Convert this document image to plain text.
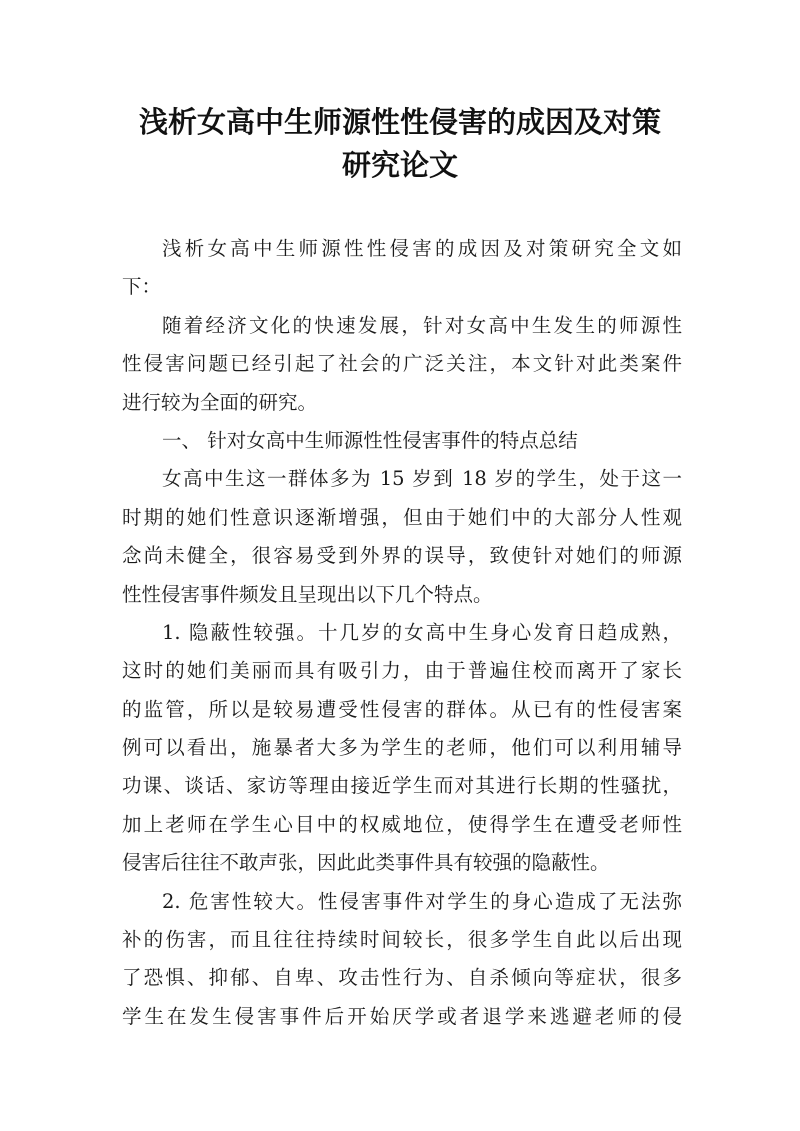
浅析女高中生师源性性侵害的成因及对策
研究论文
浅析女高中生师源性性侵害的成因及对策研究全文如
下：
随着经济文化的快速发展，针对女高中生发生的师源性
性侵害问题已经引起了社会的广泛关注，本文针对此类案件
进行较为全面的研究。
一、 针对女高中生师源性性侵害事件的特点总结
女高中生这一群体多为 15 岁到 18 岁的学生，处于这一
时期的她们性意识逐渐增强，但由于她们中的大部分人性观
念尚未健全，很容易受到外界的误导，致使针对她们的师源
性性侵害事件频发且呈现出以下几个特点。
1. 隐蔽性较强。十几岁的女高中生身心发育日趋成熟，
这时的她们美丽而具有吸引力，由于普遍住校而离开了家长
的监管，所以是较易遭受性侵害的群体。从已有的性侵害案
例可以看出，施暴者大多为学生的老师，他们可以利用辅导
功课、谈话、家访等理由接近学生而对其进行长期的性骚扰，
加上老师在学生心目中的权威地位，使得学生在遭受老师性
侵害后往往不敢声张，因此此类事件具有较强的隐蔽性。
2. 危害性较大。性侵害事件对学生的身心造成了无法弥
补的伤害，而且往往持续时间较长，很多学生自此以后出现
了恐惧、抑郁、自卑、攻击性行为、自杀倾向等症状，很多
学生在发生侵害事件后开始厌学或者退学来逃避老师的侵
